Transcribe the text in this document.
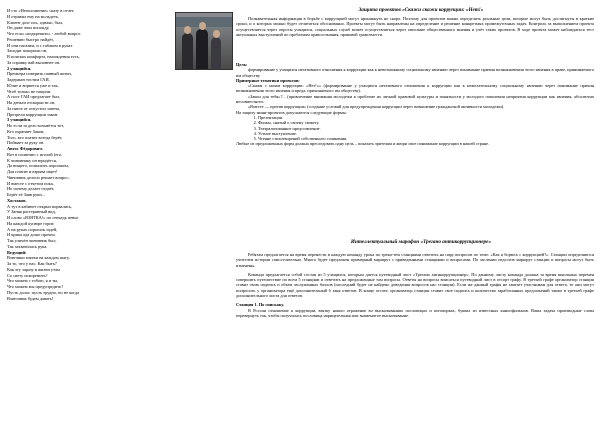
И сто «Неположение» сказу в отчет,

И отравил ему на мольдеть.

Клиент долг ись, однако, был,

Он даже знал вопоиду,

Что если «подкрепить» - любой вопрос

Решению быстро найдёт,

И они пагазим, и с табаком в руках

Засидят покорили он,

В поисках комфорта, нахождения есть,

За справку вай вылоннее он.

2 учащийся.

Премьера поверить панный питьн,

Задержан тостим ГАИ,

Юлит и ворвется уже и так,

Чтоб только не тащили.

А пост ГАИ предлагает был,

На деньги отскорысти он,

За пятое от отпустил запеча,

Презрели коррупции закон.

3 учащийся.

Но если за дело возьмётся тот,

Кто охраняет Закон,

Того, кто платит всегда берёт,

Поймает за руку он.

Автос Фёдорович.

Вот в полвечно с иголой (его,

К чиновнику он юридётся,

Да нищего, пошалить порошком,

Для платит и взрыва ищет!

Чиновник делопо решает вопрос,

И вместе с отчетом пока,

Но почему делает отдаёт,

Берёт её Заяв руки...

Хостаков.

А тут в кабинет открыл ворвались,

У Заняя растерянный вид,

И слово «ВЗЯТКА!» по сеньедь пенье

На каждой купюре горит.

А на руках порошок задей,

И крика ада дошо прочно.

Так уличён чиновник был,

Так захватилась рука.

Ведущий:

Взятчики взятки на каждом шагу,

За то, что у нас. Как быть?

Как эту заразу в жизни утам

Со свету искоренить?

Что можем с тобою, я и ты,

Что можем мы предупредить?

Пусть долог, пусть трудно, но не когда

Взяточник будем давать!

Защита проектов «Скажи скажи коррупции: «Нет!»
Познавательная информация в борьбе с коррупцией могут проникнуть не скоро. Поэтому для проектов важно определить реальные цели, которые могут быть достигнуты в краткие сроки, и о которых можно будет отчитаться обоснованно. Проекты могут быть направлены на определение и решение конкретных промежуточных задач. Контроль за выполнением проекта осуществляется через опросы учащихся, социальных служб может осуществляться через описание общественного мнения и учёт таких проектов. В ходе проекта может наблюдаться тест актуальных выступлений по проблемам правосознания, правовой грамотности.

Цель:

формирование у учащихся негативного отношения к коррупции как к невозможному социальному явлению через понимание причин возникновения этого явления в праве, принимаемого им обществу.

Примерные тематики проектов:

«Скажи с низам коррупции: «Нет!»» (формирование у учащихся негативного отношения к коррупции как к нежелательному социальному явлению через понимание причин возникновения этого явления и вреда, причиняемого им обществу).

«Закон для тебя»?... (привлечение внимания молодежи к проблеме их личной правовой культуры и понятности у молодого поколения неприятия коррупции как явления, абсолютно несовместного.

«Вместе — против коррупции» (создание условий для предупреждения коррупции через повышение гражданской активности молодежи).

На защиту мини-проектов допускаются следующие формы:

1. Презентации.
2. Фильм, снятый о своему сюжету.
3. Театрализованное представление.
4. Устное выступление.
5. Чтение стихотворений собственного сочинения.

Любые из предложенных форм должна преследовать одну цель – показать зрителям и жюри свое понимание коррупции в нашей стране.

Интеллектуальный марафон «Трегано антикоррупционере»

Ребятам предлагается на время перенести в каждую команду урока по треки-тем станциями ответить на пару вопросов по теме: «Как я борюсь с коррупцией?». Станции определяются учителем истории самостоятельно. Много будет предложен примерный маршрут с приведенными станциями и вопросами. По заслении педсогов маршрут станции и вопросы могут быть изменены.

Команда предлагается собой состав из 5 учащихся, которым дается путеводный лист «Трегано антикоррупционер»: По данному листу команда должна за время школьных перемен совершить путешествие по всем 5 станциям и ответить на предложенные там вопросы. Ответы на вопросы вписаться путеводный лист в отсорт графу. В третьей графе организатор станции ставит свою подпись и объем заслуженных баллов (последний будет не найдено доведения вопросов нас станции). Если же данный графы не хватает участникам для ответа, то они могут попросить у организатора ещё дополнительный б заня ответов. В конце отсчет, организатор станции ставит свое подпись и количество заработанных предложений также в третьей графе дополнительного листа для ответов.

Станция 1. По спискаку.

В России отношение к коррупции, взятку нашло отражение во высказываниях пословицах и поговорках, буквах из известных киноофильмов. Вашa задача производные слова перевернуть так, чтобы получилась пословица нарицательная или знаменитое высказывание.
